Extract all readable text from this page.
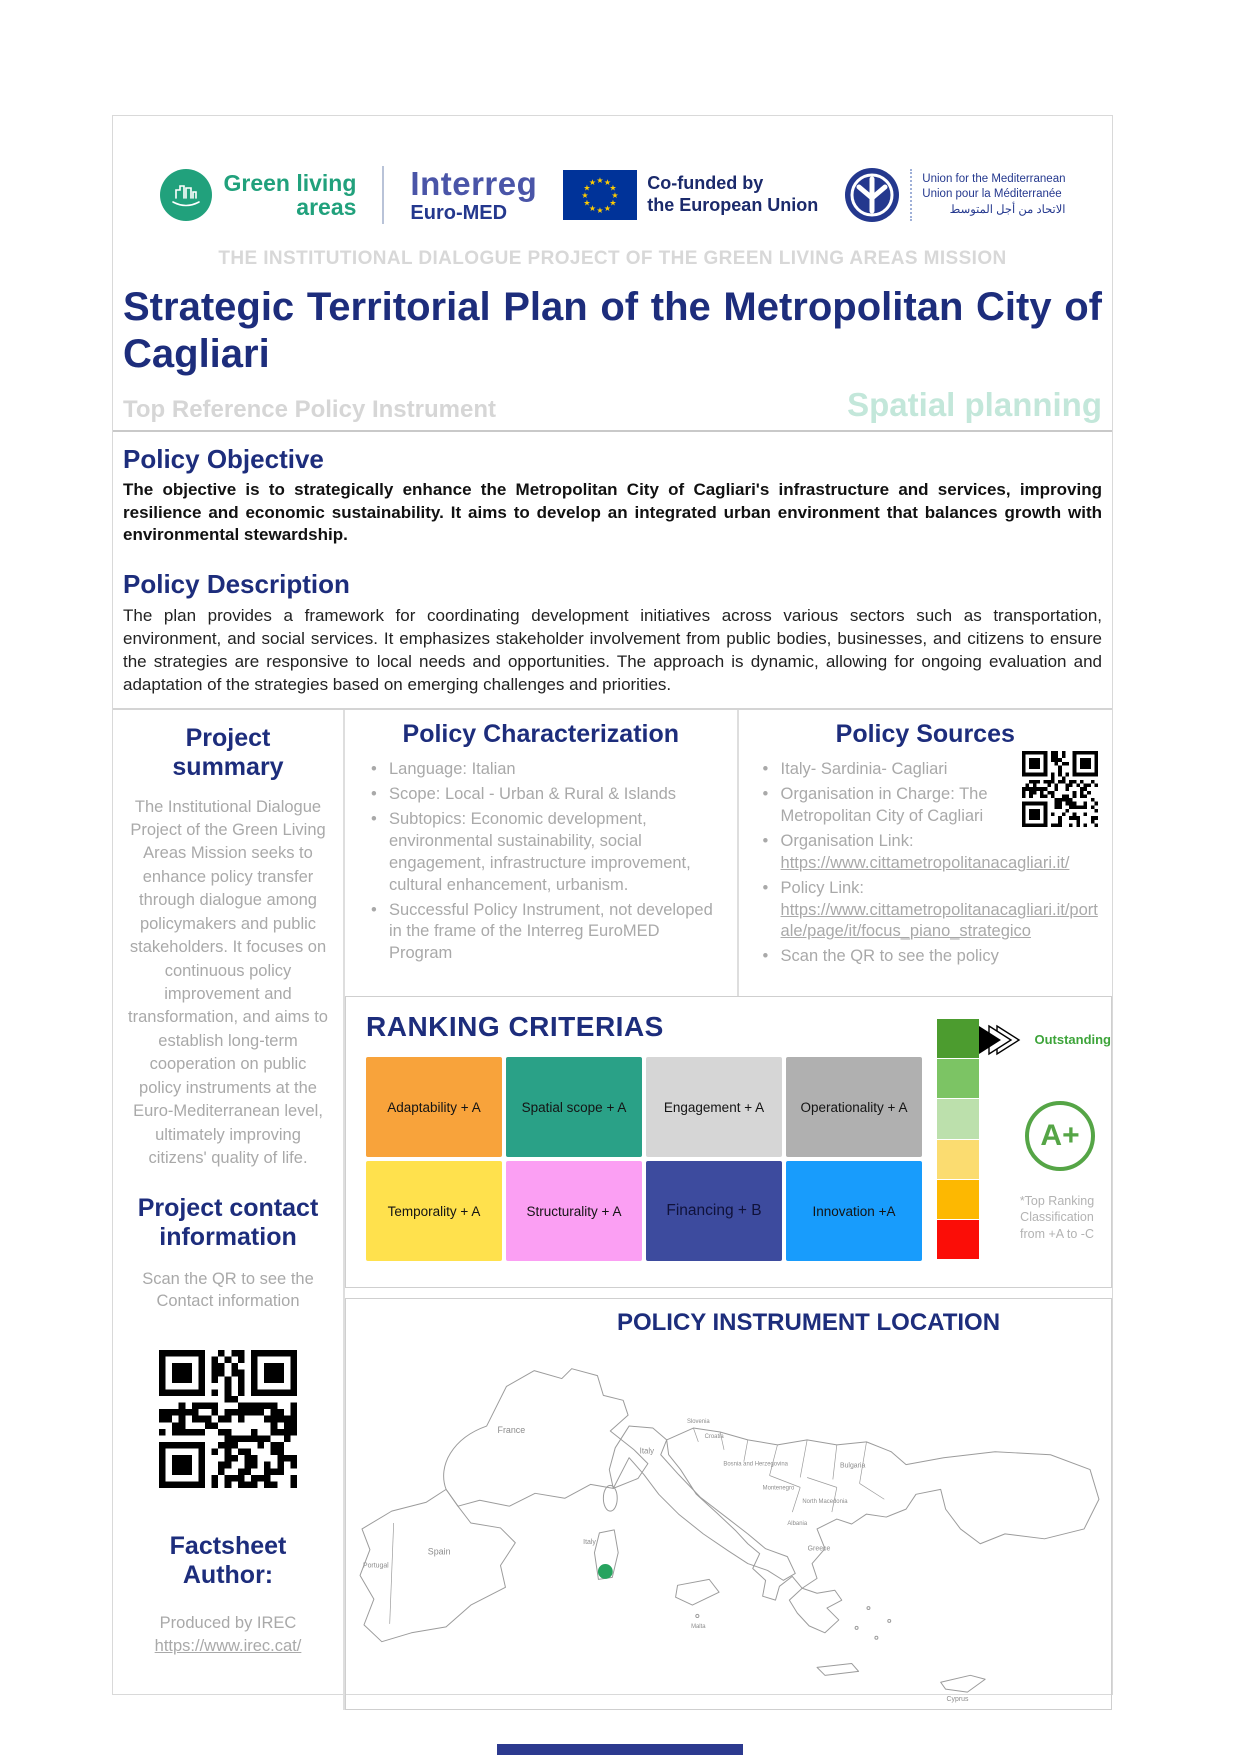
Green living
areas
Interreg
Euro-MED
★ ★
★
★
★
★
★
★
★
★
★
★	Co-funded by
the European Union
Union for the Mediterranean
Union pour la Méditerranée
الاتحاد من أجل المتوسط
THE INSTITUTIONAL DIALOGUE PROJECT OF THE GREEN LIVING AREAS MISSION
Strategic Territorial Plan of the Metropolitan City of Cagliari
Top Reference Policy Instrument	Spatial planning
Policy Objective
The objective is to strategically enhance the Metropolitan City of Cagliari's infrastructure and services, improving resilience and economic sustainability. It aims to develop an integrated urban environment that balances growth with environmental stewardship.
Policy Description
The plan provides a framework for coordinating development initiatives across various sectors such as transportation, environment, and social services. It emphasizes stakeholder involvement from public bodies, businesses, and citizens to ensure the strategies are responsive to local needs and opportunities. The approach is dynamic, allowing for ongoing evaluation and adaptation of the strategies based on emerging challenges and priorities.
Project summary
The Institutional Dialogue Project of the Green Living Areas Mission seeks to enhance policy transfer through dialogue among policymakers and public stakeholders. It focuses on continuous policy improvement and transformation, and aims to establish long-term cooperation on public policy instruments at the Euro-Mediterranean level, ultimately improving citizens' quality of life.
Project contact information
Scan the QR to see the Contact information
Factsheet Author:
Produced by IREC
https://www.irec.cat/
Policy Characterization
• Language: Italian
• Scope: Local - Urban & Rural & Islands
• Subtopics: Economic development, environmental sustainability, social engagement, infrastructure improvement, cultural enhancement, urbanism.
• Successful Policy Instrument, not developed in the frame of the Interreg EuroMED Program
Policy Sources
• Italy- Sardinia- Cagliari
• Organisation in Charge: The Metropolitan City of Cagliari
• Organisation Link:
https://www.cittametropolitanacagliari.it/
• Policy Link:
https://www.cittametropolitanacagliari.it/portale/page/it/focus_piano_strategico
• Scan the QR to see the policy
RANKING CRITERIAS
Adaptability + A	Spatial scope + A	Engagement + A	Operationality + A
Temporality + A	Structurality + A	Financing + B	Innovation +A
Outstanding
A+
*Top Ranking Classification from +A to -C
POLICY INSTRUMENT LOCATION
France
Spain
Portugal
Italy
Slovenia
Croatia
Bosnia and Herzegovina
Montenegro
Albania
North Macedonia
Greece
Bulgaria
Malta
Cyprus
Italy
